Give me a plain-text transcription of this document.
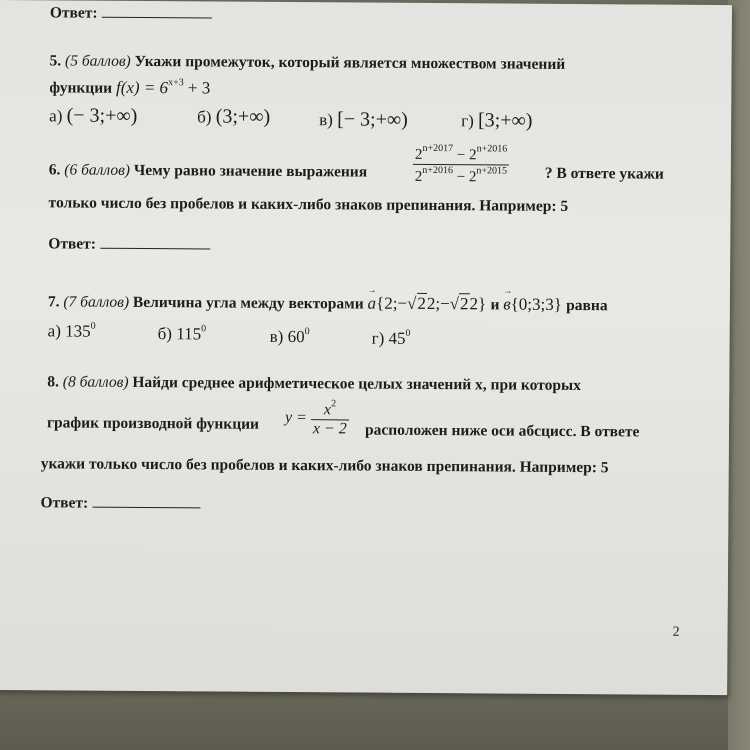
Ответ:
5. (5 баллов) Укажи промежуток, который является множеством значений
функции $f(x) = 6^{x+3} + 3$
а) (− 3;+∞)	б) (3;+∞)	в) [− 3;+∞)	г) [3;+∞)
6. (6 баллов) Чему равно значение выражения	$\frac{2^{n+2017} - 2^{n+2016}}{2^{n+2016} - 2^{n+2015}}$ ? В ответе укажи
только число без пробелов и каких-либо знаков препинания. Например: 5
Ответ:
7. (7 баллов) Величина угла между векторами → a{2;−√22;−√22} и → в{0;3;3} равна
а) $135^0$	б) $115^0$	в) $60^0$	г) $45^0$
8. (8 баллов) Найди среднее арифметическое целых значений x, при которых
график производной функции $y = \frac{x^2}{x - 2}$ расположен ниже оси абсцисс. В ответе
укажи только число без пробелов и каких-либо знаков препинания. Например: 5
Ответ:
2
